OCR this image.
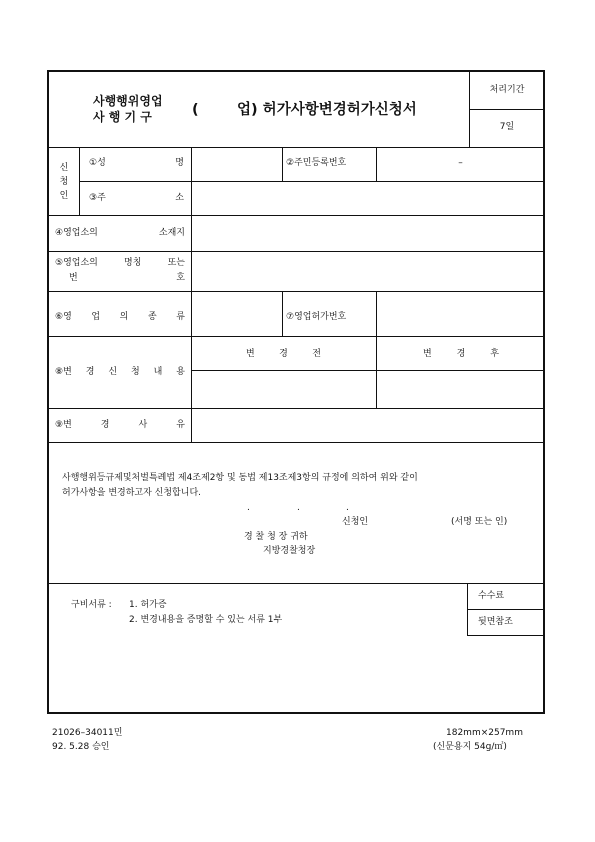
사행행위영업
사 행 기 구	(	업) 허가사항변경허가신청서
처리기간
7일
신
청
인
①성	명	②주민등록번호	–
③주	소
④영업소의	소재지
⑤영업소의	명칭	또는
번	호
⑥영 업 의 종 류	⑦영업허가번호
⑧변 경 신 청 내 용
변	경	전	변	경	후
⑨변	경	사	유
사행행위등규제및처벌특례법 제4조제2항 및 동법 제13조제3항의 규정에 의하여 위와 같이
허가사항을 변경하고자 신청합니다.
.	.	.
신청인	(서명 또는 인)
경 찰 청 장 귀하
지방경찰청장
수수료
뒷면참조
구비서류 : 1. 허가증
2. 변경내용을 증명할 수 있는 서류 1부
21026–34011민
92. 5.28 승인
182mm×257mm
(신문용지 54g/㎡)
